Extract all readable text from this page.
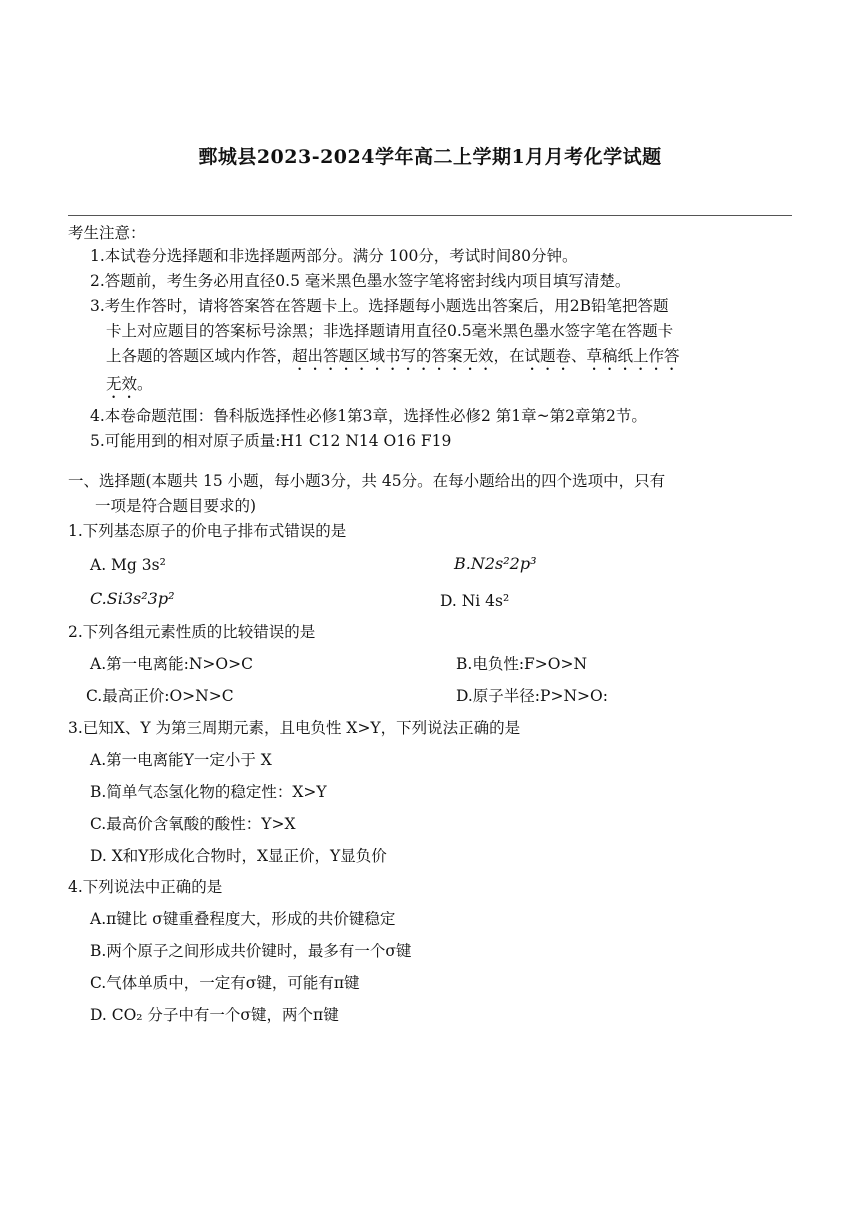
鄄城县2023-2024学年高二上学期1月月考化学试题
考生注意：
1.本试卷分选择题和非选择题两部分。满分 100分，考试时间80分钟。
2.答题前，考生务必用直径0.5 毫米黑色墨水签字笔将密封线内项目填写清楚。
3.考生作答时，请将答案答在答题卡上。选择题每小题选出答案后，用2B铅笔把答题
卡上对应题目的答案标号涂黑；非选择题请用直径0.5毫米黑色墨水签字笔在答题卡
上各题的答题区域内作答，超出答题区域书写的答案无效，在试题卷、草稿纸上作答
无效。
4.本卷命题范围：鲁科版选择性必修1第3章，选择性必修2 第1章~第2章第2节。
5.可能用到的相对原子质量:H1 C12 N14 O16 F19
一、选择题(本题共 15 小题，每小题3分，共 45分。在每小题给出的四个选项中，只有
一项是符合题目要求的)
1.下列基态原子的价电子排布式错误的是
A. Mg 3s²	B.N2s²2p³
C.Si3s²3p²	D. Ni 4s²
2.下列各组元素性质的比较错误的是
A.第一电离能:N>O>C	B.电负性:F>O>N
C.最高正价:O>N>C	D.原子半径:P>N>O:
3.已知X、Y 为第三周期元素，且电负性 X>Y，下列说法正确的是
A.第一电离能Y一定小于 X
B.简单气态氢化物的稳定性：X>Y
C.最高价含氧酸的酸性：Y>X
D. X和Y形成化合物时，X显正价，Y显负价
4.下列说法中正确的是
A.π键比 σ键重叠程度大，形成的共价键稳定
B.两个原子之间形成共价键时，最多有一个σ键
C.气体单质中，一定有σ键，可能有π键
D. CO₂ 分子中有一个σ键，两个π键
